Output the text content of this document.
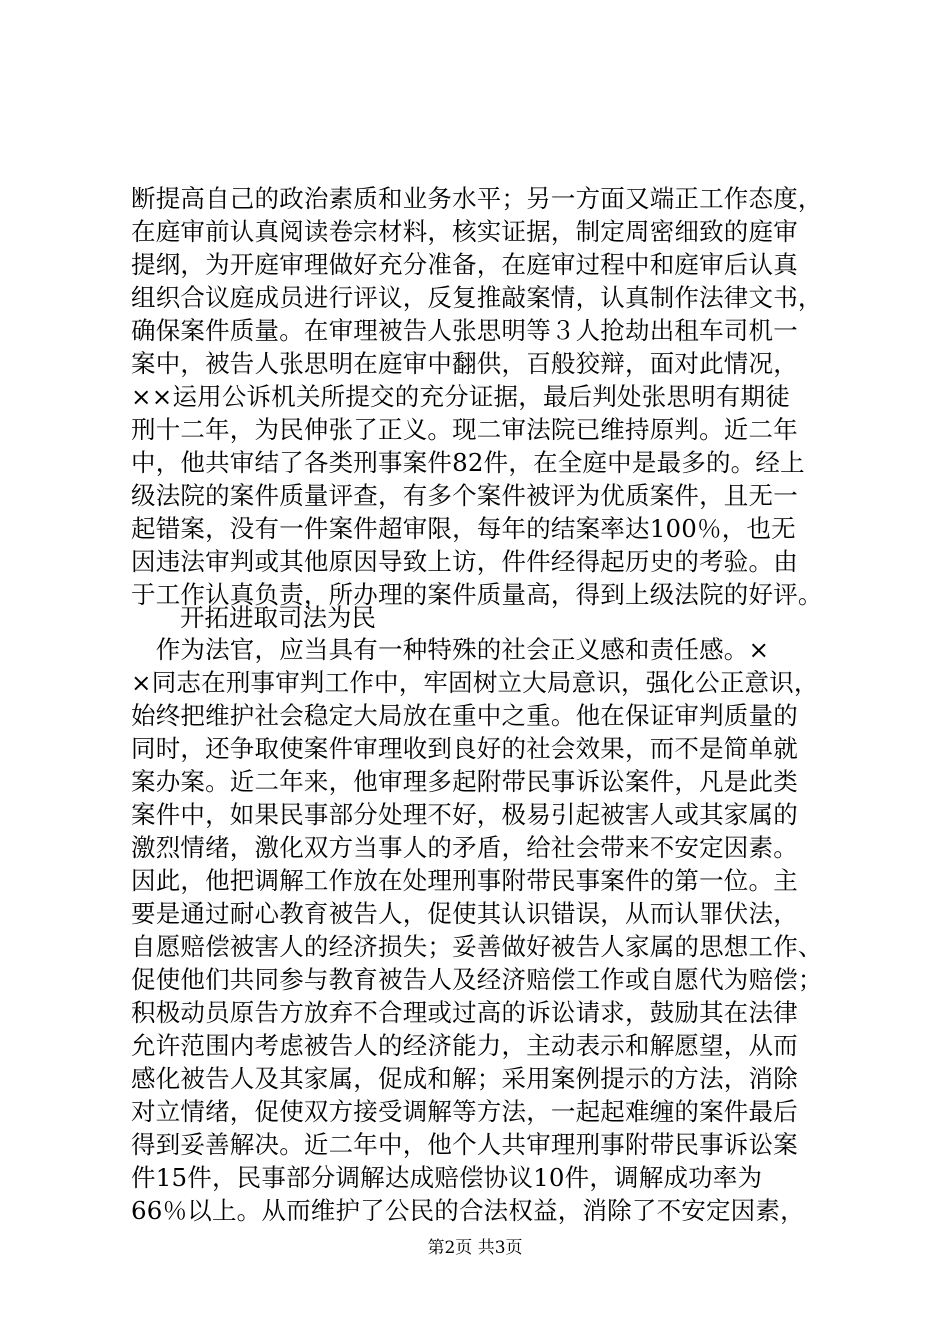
断提高自己的政治素质和业务水平；另一方面又端正工作态度，
在庭审前认真阅读卷宗材料，核实证据，制定周密细致的庭审
提纲，为开庭审理做好充分准备，在庭审过程中和庭审后认真
组织合议庭成员进行评议，反复推敲案情，认真制作法律文书，
确保案件质量。在审理被告人张思明等３人抢劫出租车司机一
案中，被告人张思明在庭审中翻供，百般狡辩，面对此情况，
××运用公诉机关所提交的充分证据，最后判处张思明有期徒
刑十二年，为民伸张了正义。现二审法院已维持原判。近二年
中，他共审结了各类刑事案件82件，在全庭中是最多的。经上
级法院的案件质量评查，有多个案件被评为优质案件，且无一
起错案，没有一件案件超审限，每年的结案率达100％，也无
因违法审判或其他原因导致上访，件件经得起历史的考验。由
于工作认真负责，所办理的案件质量高，得到上级法院的好评。
开拓进取司法为民
　作为法官，应当具有一种特殊的社会正义感和责任感。×
×同志在刑事审判工作中，牢固树立大局意识，强化公正意识，
始终把维护社会稳定大局放在重中之重。他在保证审判质量的
同时，还争取使案件审理收到良好的社会效果，而不是简单就
案办案。近二年来，他审理多起附带民事诉讼案件，凡是此类
案件中，如果民事部分处理不好，极易引起被害人或其家属的
激烈情绪，激化双方当事人的矛盾，给社会带来不安定因素。
因此，他把调解工作放在处理刑事附带民事案件的第一位。主
要是通过耐心教育被告人，促使其认识错误，从而认罪伏法，
自愿赔偿被害人的经济损失；妥善做好被告人家属的思想工作、
促使他们共同参与教育被告人及经济赔偿工作或自愿代为赔偿；
积极动员原告方放弃不合理或过高的诉讼请求，鼓励其在法律
允许范围内考虑被告人的经济能力，主动表示和解愿望，从而
感化被告人及其家属，促成和解；采用案例提示的方法，消除
对立情绪，促使双方接受调解等方法，一起起难缠的案件最后
得到妥善解决。近二年中，他个人共审理刑事附带民事诉讼案
件15件，民事部分调解达成赔偿协议10件，调解成功率为
66％以上。从而维护了公民的合法权益，消除了不安定因素，
第2页 共3页
